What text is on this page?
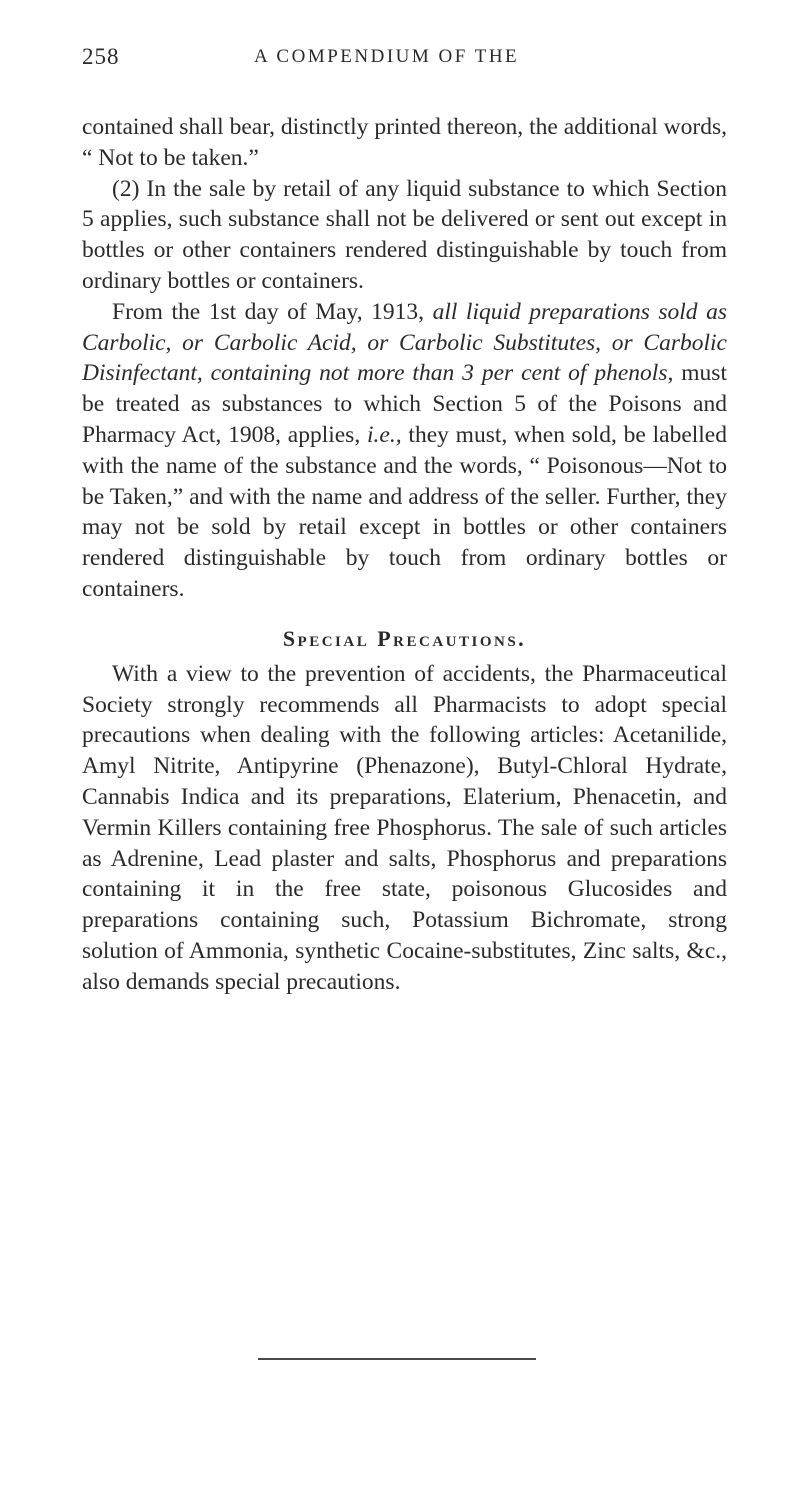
258	A COMPENDIUM OF THE

contained shall bear, distinctly printed thereon, the additional words, “ Not to be taken.”

(2) In the sale by retail of any liquid substance to which Section 5 applies, such substance shall not be delivered or sent out except in bottles or other containers rendered distinguishable by touch from ordinary bottles or containers.

From the 1st day of May, 1913, all liquid preparations sold as Carbolic, or Carbolic Acid, or Carbolic Substitutes, or Carbolic Disinfectant, containing not more than 3 per cent of phenols, must be treated as substances to which Section 5 of the Poisons and Pharmacy Act, 1908, applies, i.e., they must, when sold, be labelled with the name of the substance and the words, “ Poisonous—Not to be Taken,” and with the name and address of the seller. Further, they may not be sold by retail except in bottles or other containers rendered distinguishable by touch from ordinary bottles or containers.

Special Precautions.

With a view to the prevention of accidents, the Pharmaceutical Society strongly recommends all Pharmacists to adopt special precautions when dealing with the following articles: Acetanilide, Amyl Nitrite, Antipyrine (Phenazone), Butyl-Chloral Hydrate, Cannabis Indica and its preparations, Elaterium, Phenacetin, and Vermin Killers containing free Phosphorus. The sale of such articles as Adrenine, Lead plaster and salts, Phosphorus and preparations containing it in the free state, poisonous Glucosides and preparations containing such, Potassium Bichromate, strong solution of Ammonia, synthetic Cocaine-substitutes, Zinc salts, &c., also demands special precautions.
